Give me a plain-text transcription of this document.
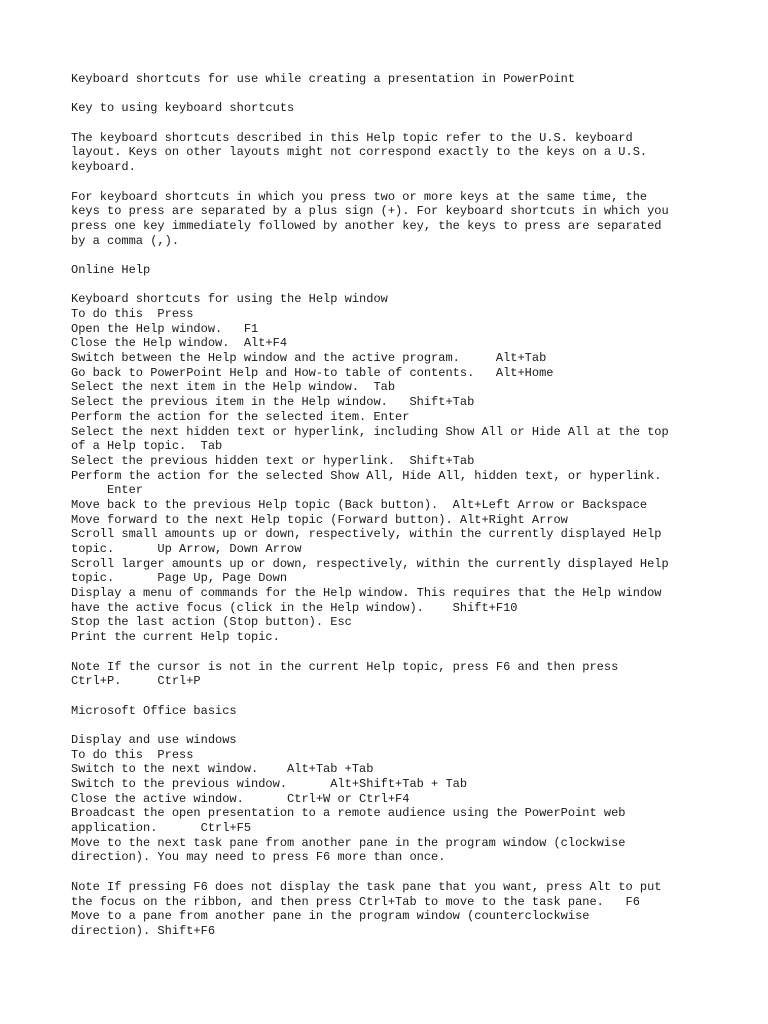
Keyboard shortcuts for use while creating a presentation in PowerPoint
Key to using keyboard shortcuts
The keyboard shortcuts described in this Help topic refer to the U.S. keyboard
layout. Keys on other layouts might not correspond exactly to the keys on a U.S.
keyboard.
For keyboard shortcuts in which you press two or more keys at the same time, the
keys to press are separated by a plus sign (+). For keyboard shortcuts in which you
press one key immediately followed by another key, the keys to press are separated
by a comma (,).
Online Help
Keyboard shortcuts for using the Help window
To do this  Press
Open the Help window.   F1
Close the Help window.  Alt+F4
Switch between the Help window and the active program.     Alt+Tab
Go back to PowerPoint Help and How-to table of contents.   Alt+Home
Select the next item in the Help window.  Tab
Select the previous item in the Help window.   Shift+Tab
Perform the action for the selected item. Enter
Select the next hidden text or hyperlink, including Show All or Hide All at the top
of a Help topic.  Tab
Select the previous hidden text or hyperlink.  Shift+Tab
Perform the action for the selected Show All, Hide All, hidden text, or hyperlink.
Enter
Move back to the previous Help topic (Back button).  Alt+Left Arrow or Backspace
Move forward to the next Help topic (Forward button). Alt+Right Arrow
Scroll small amounts up or down, respectively, within the currently displayed Help
topic.      Up Arrow, Down Arrow
Scroll larger amounts up or down, respectively, within the currently displayed Help
topic.      Page Up, Page Down
Display a menu of commands for the Help window. This requires that the Help window
have the active focus (click in the Help window).    Shift+F10
Stop the last action (Stop button). Esc
Print the current Help topic.
Note If the cursor is not in the current Help topic, press F6 and then press
Ctrl+P.     Ctrl+P
Microsoft Office basics
Display and use windows
To do this  Press
Switch to the next window.    Alt+Tab +Tab
Switch to the previous window.      Alt+Shift+Tab + Tab
Close the active window.      Ctrl+W or Ctrl+F4
Broadcast the open presentation to a remote audience using the PowerPoint web
application.      Ctrl+F5
Move to the next task pane from another pane in the program window (clockwise
direction). You may need to press F6 more than once.
Note If pressing F6 does not display the task pane that you want, press Alt to put
the focus on the ribbon, and then press Ctrl+Tab to move to the task pane.   F6
Move to a pane from another pane in the program window (counterclockwise
direction). Shift+F6
